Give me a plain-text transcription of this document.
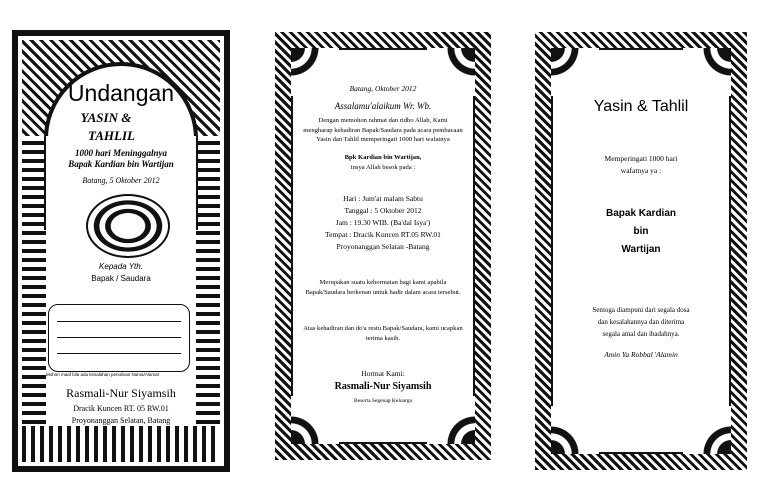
Undangan

YASIN &

TAHLIL

1000 hari Meninggalnya

Bapak Kardian bin Wartijan

Batang, 5 Oktober 2012

Kepada Yth.

Bapak / Saudara

Mohon maaf bila ada kesalahan penulisan Nama/Alamat

Rasmali-Nur Siyamsih

Dracik Kuncen RT. 05 RW.01

Proyonanggan Selatan, Batang

Batang, Oktober 2012

Assalamu'alaikum Wr. Wb.

Dengan memohon rahmat dan ridho Allah, Kami mengharap kehadiran Bapak/Saudara pada acara pembacaan Yasin dan Tahlil memperingati 1000 hari wafatnya

Bpk Kardian bin Wartijan,

insya Allah besok pada :

Hari : Jum'at malam Sabtu

Tanggal : 5 Oktober 2012

Jam : 19.30 WIB. (Ba'dal Isya')

Tempat : Dracik Kuncen RT.05 RW.01

Proyonanggan Selatan -Batang

Merupakan suatu kehormatan bagi kami apabila Bapak/Saudara berkenan untuk hadir dalam acara tersebut.

Atas kehadiran dan do'a restu Bapak/Saudara, kami ucapkan terima kasih.

Hormat Kami:

Rasmali-Nur Siyamsih

Beserta Segenap Keluarga

Yasin & Tahlil

Memperingati 1000 hari

wafatnya ya :

Bapak Kardian

bin

Wartijan

Semoga diampuni dari segala dosa

dan kesalahannya dan diterima

segala amal dan ibadahnya.

Amin Ya Robbal 'Alamin
